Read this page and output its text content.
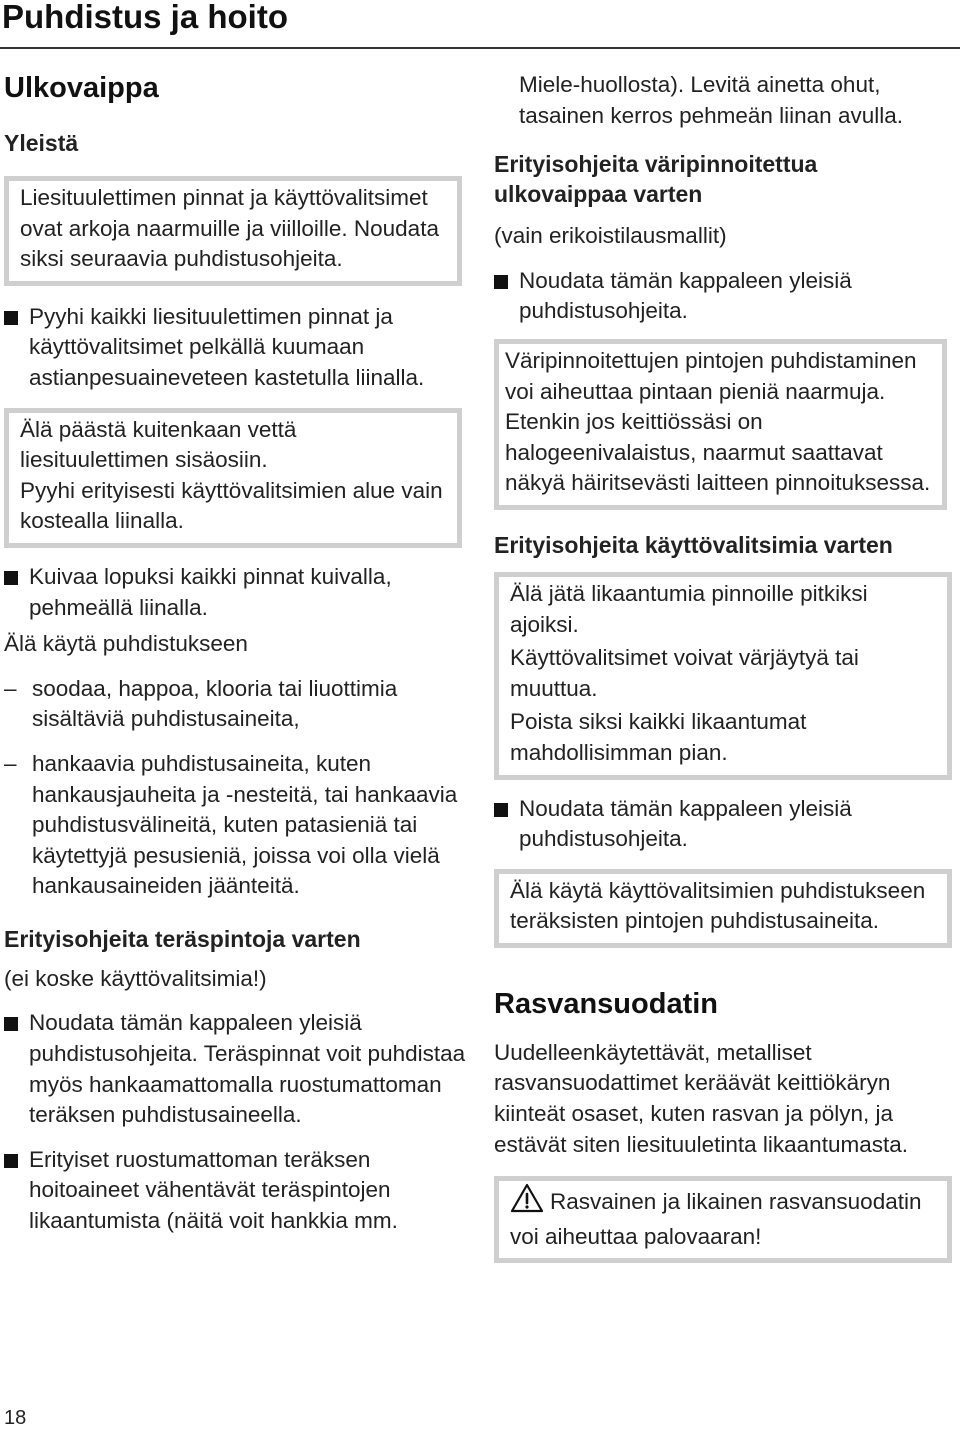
Puhdistus ja hoito
Ulkovaippa
Yleistä
Liesituulettimen pinnat ja käyttövalitsimet ovat arkoja naarmuille ja viilloille. Noudata siksi seuraavia puhdistusohjeita.
Pyyhi kaikki liesituulettimen pinnat ja käyttövalitsimet pelkällä kuumaan astianpesuaineveteen kastetulla liinalla.
Älä päästä kuitenkaan vettä liesituulettimen sisäosiin.
Pyyhi erityisesti käyttövalitsimien alue vain kostealla liinalla.
Kuivaa lopuksi kaikki pinnat kuivalla, pehmeällä liinalla.

Älä käytä puhdistukseen

– soodaa, happoa, klooria tai liuottimia sisältäviä puhdistusaineita,
– hankaavia puhdistusaineita, kuten hankausjauheita ja -nesteitä, tai hankaavia puhdistusvälineitä, kuten patasieniä tai käytettyjä pesusieniä, joissa voi olla vielä hankausaineiden jäänteitä.
Erityisohjeita teräspintoja varten

(ei koske käyttövalitsimia!)

Noudata tämän kappaleen yleisiä puhdistusohjeita. Teräspinnat voit puhdistaa myös hankaamattomalla ruostumattoman teräksen puhdistusaineella.
Erityiset ruostumattoman teräksen hoitoaineet vähentävät teräspintojen likaantumista (näitä voit hankkia mm.
Miele-huollosta). Levitä ainetta ohut, tasainen kerros pehmeän liinan avulla.
Erityisohjeita väripinnoitettua ulkovaippaa varten

(vain erikoistilausmallit)

Noudata tämän kappaleen yleisiä puhdistusohjeita.
Väripinnoitettujen pintojen puhdistaminen voi aiheuttaa pintaan pieniä naarmuja. Etenkin jos keittiössäsi on halogeenivalaistus, naarmut saattavat näkyä häiritsevästi laitteen pinnoituksessa.
Erityisohjeita käyttövalitsimia varten
Älä jätä likaantumia pinnoille pitkiksi ajoiksi.
Käyttövalitsimet voivat värjäytyä tai muuttua.
Poista siksi kaikki likaantumat mahdollisimman pian.
Noudata tämän kappaleen yleisiä puhdistusohjeita.
Älä käytä käyttövalitsimien puhdistukseen teräksisten pintojen puhdistusaineita.
Rasvansuodatin

Uudelleenkäytettävät, metalliset rasvansuodattimet keräävät keittiökäryn kiinteät osaset, kuten rasvan ja pölyn, ja estävät siten liesituuletinta likaantumasta.

Rasvainen ja likainen rasvansuodatin voi aiheuttaa palovaaran!
18
